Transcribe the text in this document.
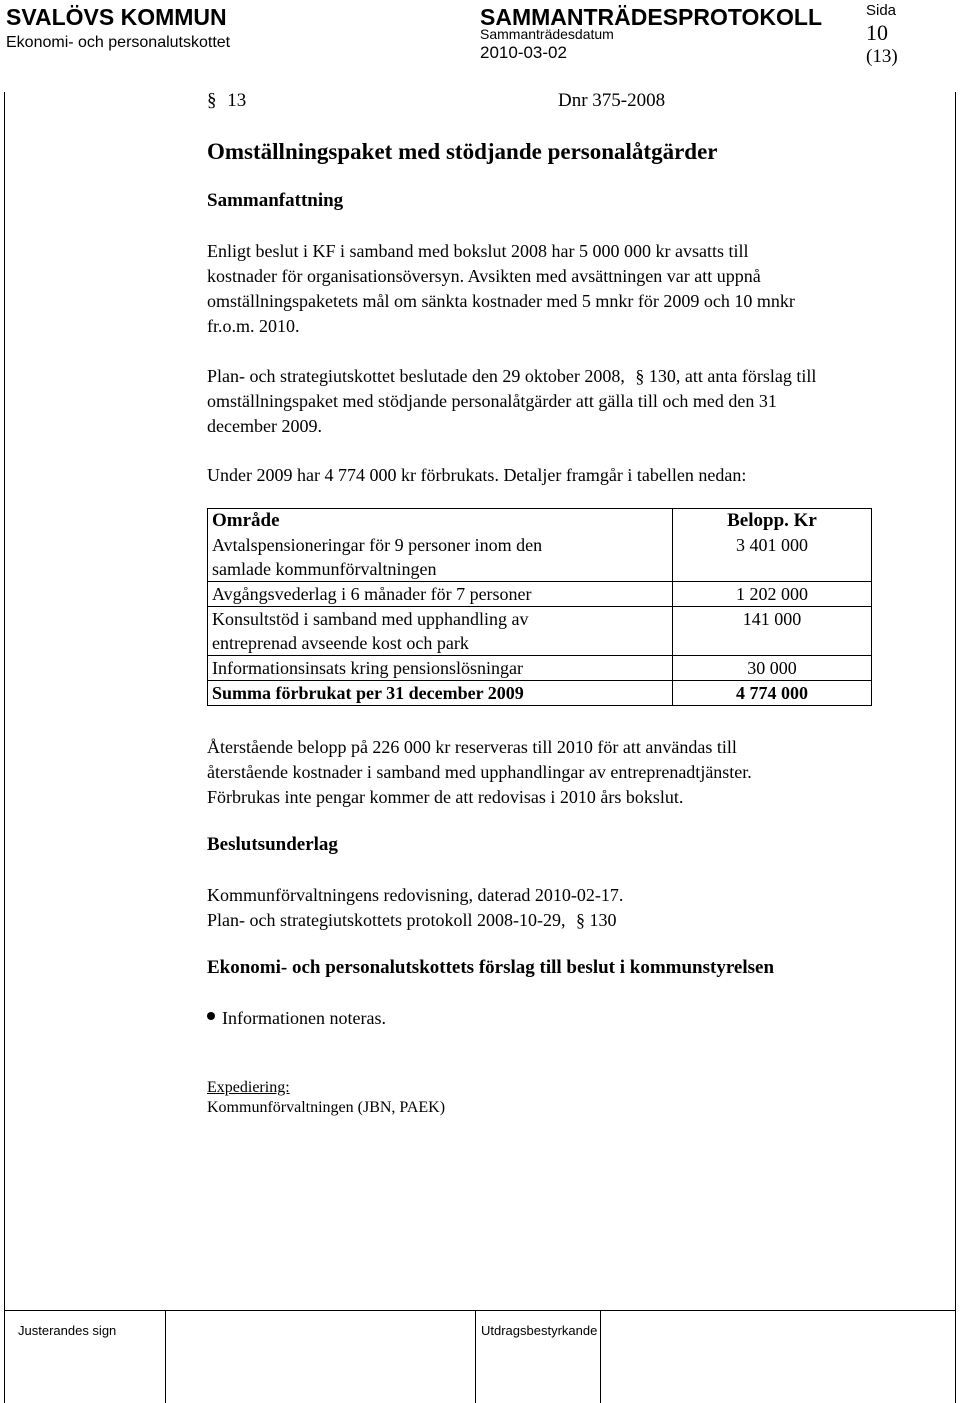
SVALÖVS KOMMUN
Ekonomi- och personalutskottet
SAMMANTRÄDESPROTOKOLL
Sammanträdesdatum
2010-03-02
Sida
10
(13)
§ 13	Dnr 375-2008
Omställningspaket med stödjande personalåtgärder
Sammanfattning

Enligt beslut i KF i samband med bokslut 2008 har 5 000 000 kr avsatts till

kostnader för organisationsöversyn. Avsikten med avsättningen var att uppnå

omställningspaketets mål om sänkta kostnader med 5 mnkr för 2009 och 10 mnkr

fr.o.m. 2010.

Plan- och strategiutskottet beslutade den 29 oktober 2008, § 130, att anta förslag till

omställningspaket med stödjande personalåtgärder att gälla till och med den 31

december 2009.

Under 2009 har 4 774 000 kr förbrukats. Detaljer framgår i tabellen nedan:
Område	Belopp. Kr

Avtalspensioneringar för 9 personer inom den
samlade kommunförvaltningen	3 401 000

Avgångsvederlag i 6 månader för 7 personer	1 202 000

Konsultstöd i samband med upphandling av
entreprenad avseende kost och park	141 000

Informationsinsats kring pensionslösningar	30 000
Summa förbrukat per 31 december 2009	4 774 000

Återstående belopp på 226 000 kr reserveras till 2010 för att användas till

återstående kostnader i samband med upphandlingar av entreprenadtjänster.

Förbrukas inte pengar kommer de att redovisas i 2010 års bokslut.

Beslutsunderlag
Kommunförvaltningens redovisning, daterad 2010-02-17.
Plan- och strategiutskottets protokoll 2008-10-29, § 130
Ekonomi- och personalutskottets förslag till beslut i kommunstyrelsen
Informationen noteras.
Expediering:
Kommunförvaltningen (JBN, PAEK)
Justerandes sign	Utdragsbestyrkande
